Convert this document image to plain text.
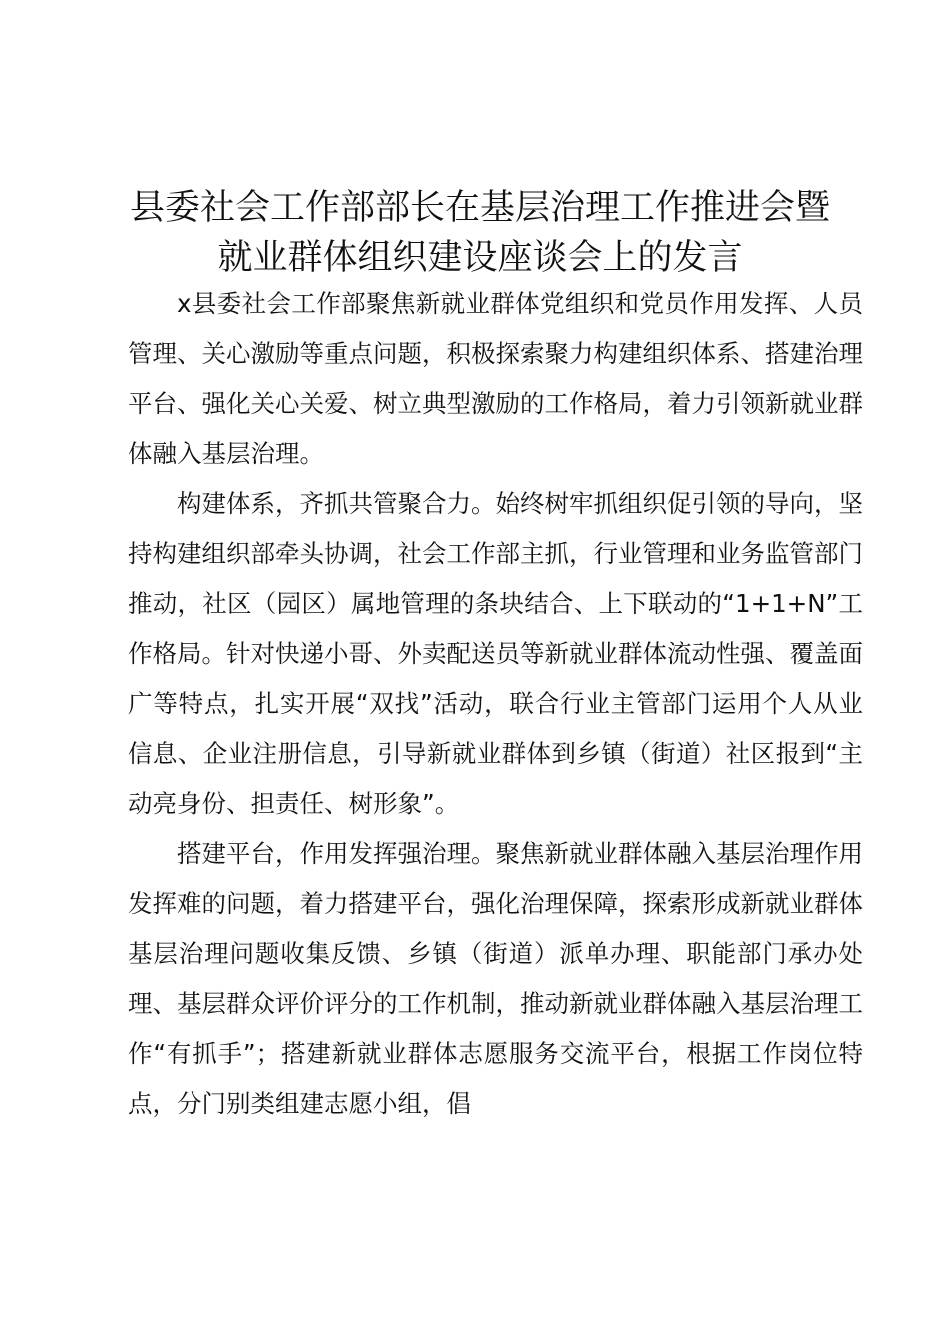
县委社会工作部部长在基层治理工作推进会暨
就业群体组织建设座谈会上的发言

x县委社会工作部聚焦新就业群体党组织和党员作用发挥、人员管理、关心激励等重点问题，积极探索聚力构建组织体系、搭建治理平台、强化关心关爱、树立典型激励的工作格局，着力引领新就业群体融入基层治理。

构建体系，齐抓共管聚合力。始终树牢抓组织促引领的导向，坚持构建组织部牵头协调，社会工作部主抓，行业管理和业务监管部门推动，社区（园区）属地管理的条块结合、上下联动的“1+1+N”工作格局。针对快递小哥、外卖配送员等新就业群体流动性强、覆盖面广等特点，扎实开展“双找”活动，联合行业主管部门运用个人从业信息、企业注册信息，引导新就业群体到乡镇（街道）社区报到“主动亮身份、担责任、树形象”。

搭建平台，作用发挥强治理。聚焦新就业群体融入基层治理作用发挥难的问题，着力搭建平台，强化治理保障，探索形成新就业群体基层治理问题收集反馈、乡镇（街道）派单办理、职能部门承办处理、基层群众评价评分的工作机制，推动新就业群体融入基层治理工作“有抓手”；搭建新就业群体志愿服务交流平台，根据工作岗位特点，分门别类组建志愿小组，倡
